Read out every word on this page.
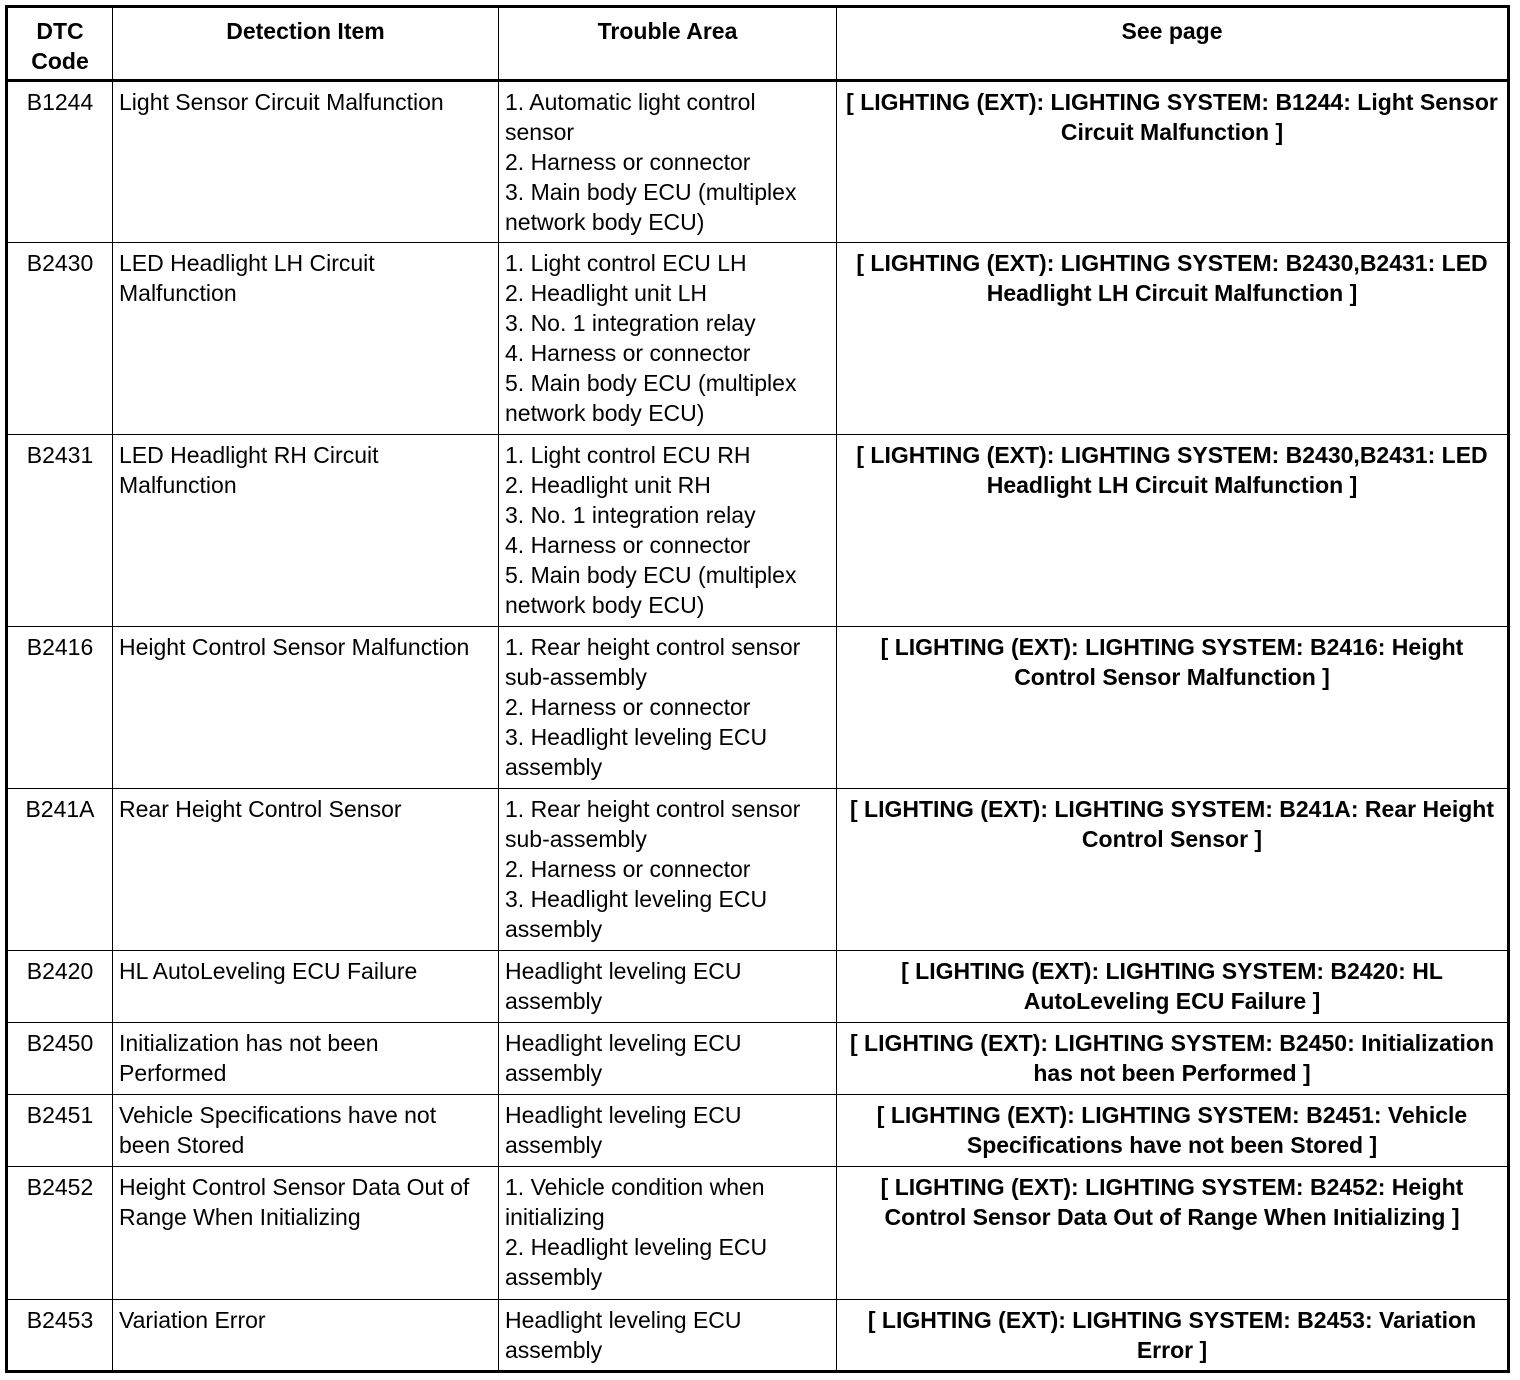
DTC
Code	Detection Item	Trouble Area	See page
B1244	Light Sensor Circuit Malfunction	1. Automatic light control sensor
2. Harness or connector
3. Main body ECU (multiplex network body ECU)	[ LIGHTING (EXT): LIGHTING SYSTEM: B1244: Light Sensor Circuit Malfunction ]
B2430	LED Headlight LH Circuit Malfunction	1. Light control ECU LH
2. Headlight unit LH
3. No. 1 integration relay
4. Harness or connector
5. Main body ECU (multiplex network body ECU)	[ LIGHTING (EXT): LIGHTING SYSTEM: B2430,B2431: LED Headlight LH Circuit Malfunction ]
B2431	LED Headlight RH Circuit Malfunction	1. Light control ECU RH
2. Headlight unit RH
3. No. 1 integration relay
4. Harness or connector
5. Main body ECU (multiplex network body ECU)	[ LIGHTING (EXT): LIGHTING SYSTEM: B2430,B2431: LED Headlight LH Circuit Malfunction ]
B2416	Height Control Sensor Malfunction	1. Rear height control sensor sub-assembly
2. Harness or connector
3. Headlight leveling ECU assembly	[ LIGHTING (EXT): LIGHTING SYSTEM: B2416: Height Control Sensor Malfunction ]
B241A	Rear Height Control Sensor	1. Rear height control sensor sub-assembly
2. Harness or connector
3. Headlight leveling ECU assembly	[ LIGHTING (EXT): LIGHTING SYSTEM: B241A: Rear Height Control Sensor ]
B2420	HL AutoLeveling ECU Failure	Headlight leveling ECU assembly	[ LIGHTING (EXT): LIGHTING SYSTEM: B2420: HL AutoLeveling ECU Failure ]
B2450	Initialization has not been Performed	Headlight leveling ECU assembly	[ LIGHTING (EXT): LIGHTING SYSTEM: B2450: Initialization has not been Performed ]
B2451	Vehicle Specifications have not been Stored	Headlight leveling ECU assembly	[ LIGHTING (EXT): LIGHTING SYSTEM: B2451: Vehicle Specifications have not been Stored ]
B2452	Height Control Sensor Data Out of Range When Initializing	1. Vehicle condition when initializing
2. Headlight leveling ECU assembly	[ LIGHTING (EXT): LIGHTING SYSTEM: B2452: Height Control Sensor Data Out of Range When Initializing ]
B2453	Variation Error	Headlight leveling ECU assembly	[ LIGHTING (EXT): LIGHTING SYSTEM: B2453: Variation Error ]
